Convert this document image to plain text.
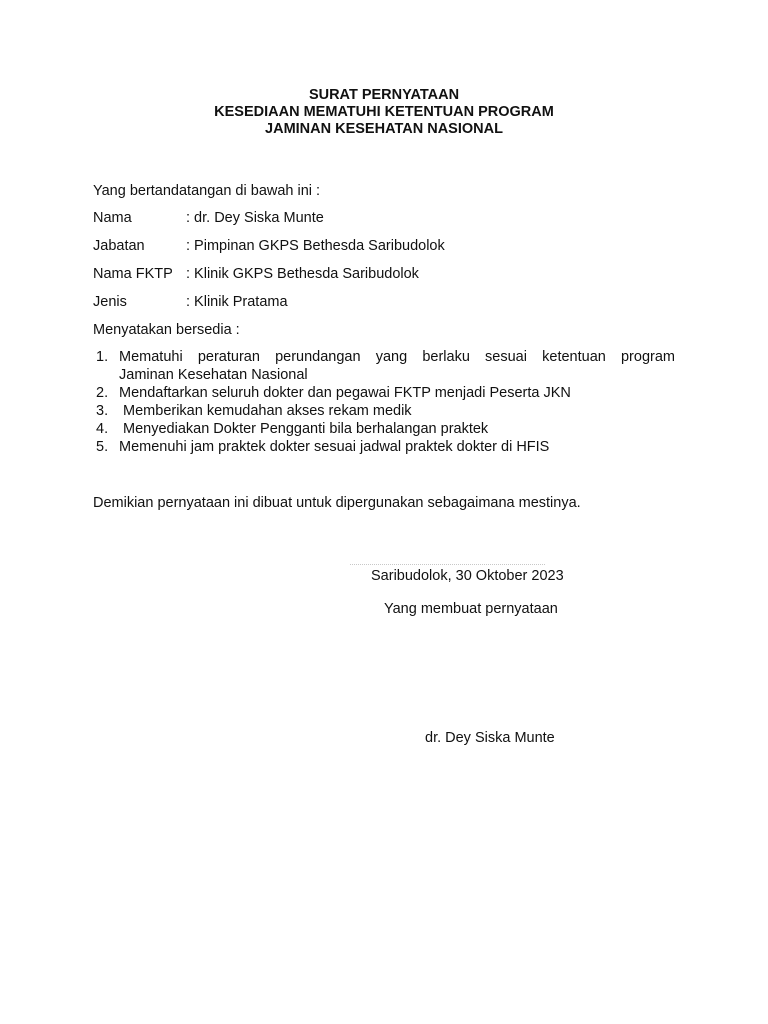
SURAT PERNYATAAN
KESEDIAAN MEMATUHI KETENTUAN PROGRAM
JAMINAN KESEHATAN NASIONAL
Yang bertandatangan di bawah ini :
Nama	: dr. Dey Siska Munte
Jabatan	: Pimpinan GKPS Bethesda Saribudolok
Nama FKTP : Klinik GKPS Bethesda Saribudolok
Jenis	: Klinik Pratama
Menyatakan bersedia :
1. Mematuhi peraturan perundangan yang berlaku sesuai ketentuan program
Jaminan Kesehatan Nasional
2. Mendaftarkan seluruh dokter dan pegawai FKTP menjadi Peserta JKN
3. Memberikan kemudahan akses rekam medik
4. Menyediakan Dokter Pengganti bila berhalangan praktek
5. Memenuhi jam praktek dokter sesuai jadwal praktek dokter di HFIS
Demikian pernyataan ini dibuat untuk dipergunakan sebagaimana mestinya.
Saribudolok, 30 Oktober 2023
Yang membuat pernyataan
dr. Dey Siska Munte
